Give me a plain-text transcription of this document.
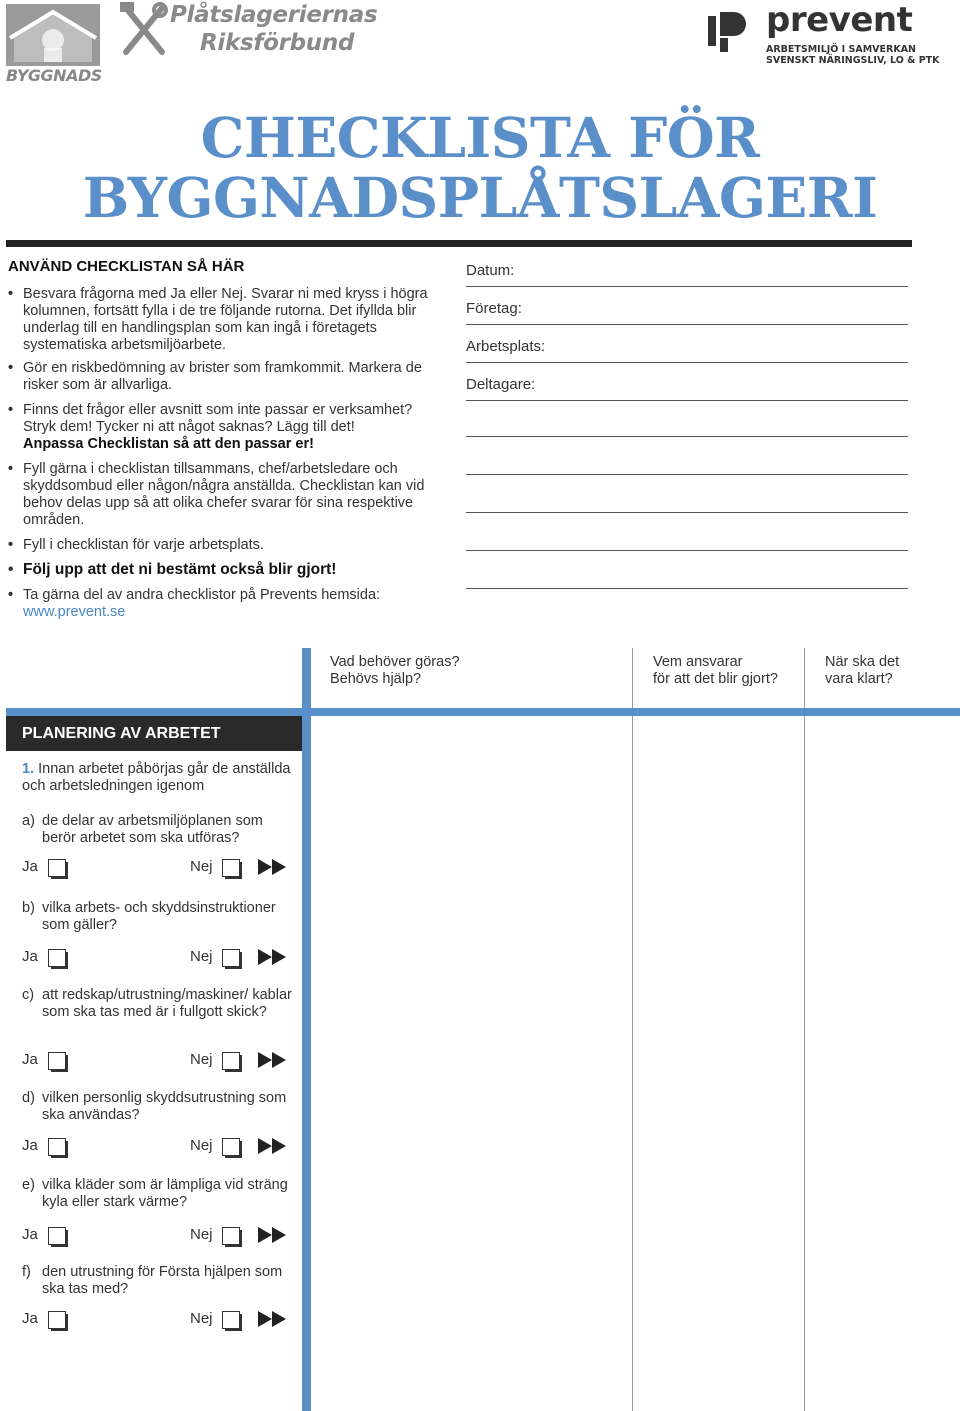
BYGGNADS
Plåtslageriernas
Riksförbund
prevent
ARBETSMILJÖ I SAMVERKAN
SVENSKT NÄRINGSLIV, LO & PTK
CHECKLISTA FÖR
BYGGNADSPLÅTSLAGERI
ANVÄND CHECKLISTAN SÅ HÄR
• Besvara frågorna med Ja eller Nej. Svarar ni med kryss i högra kolumnen, fortsätt fylla i de tre följande rutorna. Det ifyllda blir underlag till en handlingsplan som kan ingå i företagets systematiska arbetsmiljöarbete.
• Gör en riskbedömning av brister som framkommit. Markera de risker som är allvarliga.
• Finns det frågor eller avsnitt som inte passar er verksamhet? Stryk dem! Tycker ni att något saknas? Lägg till det!
Anpassa Checklistan så att den passar er!
• Fyll gärna i checklistan tillsammans, chef/arbetsledare och skyddsombud eller någon/några anställda. Checklistan kan vid behov delas upp så att olika chefer svarar för sina respektive områden.
• Fyll i checklistan för varje arbetsplats.
• Följ upp att det ni bestämt också blir gjort!
• Ta gärna del av andra checklistor på Prevents hemsida:
www.prevent.se
Datum:
Företag:
Arbetsplats:
Deltagare:
Vad behöver göras?
Behövs hjälp?
Vem ansvarar
för att det blir gjort?
När ska det
vara klart?
PLANERING AV ARBETET
1. Innan arbetet påbörjas går de anställda och arbetsledningen igenom
a) de delar av arbetsmiljöplanen som berör arbetet som ska utföras?
Ja	Nej
b) vilka arbets- och skyddsinstruktioner som gäller?
Ja	Nej
c) att redskap/utrustning/maskiner/ kablar som ska tas med är i fullgott skick?
Ja	Nej
d) vilken personlig skyddsutrustning som ska användas?
Ja	Nej
e) vilka kläder som är lämpliga vid sträng kyla eller stark värme?
Ja	Nej
f) den utrustning för Första hjälpen som ska tas med?
Ja	Nej
